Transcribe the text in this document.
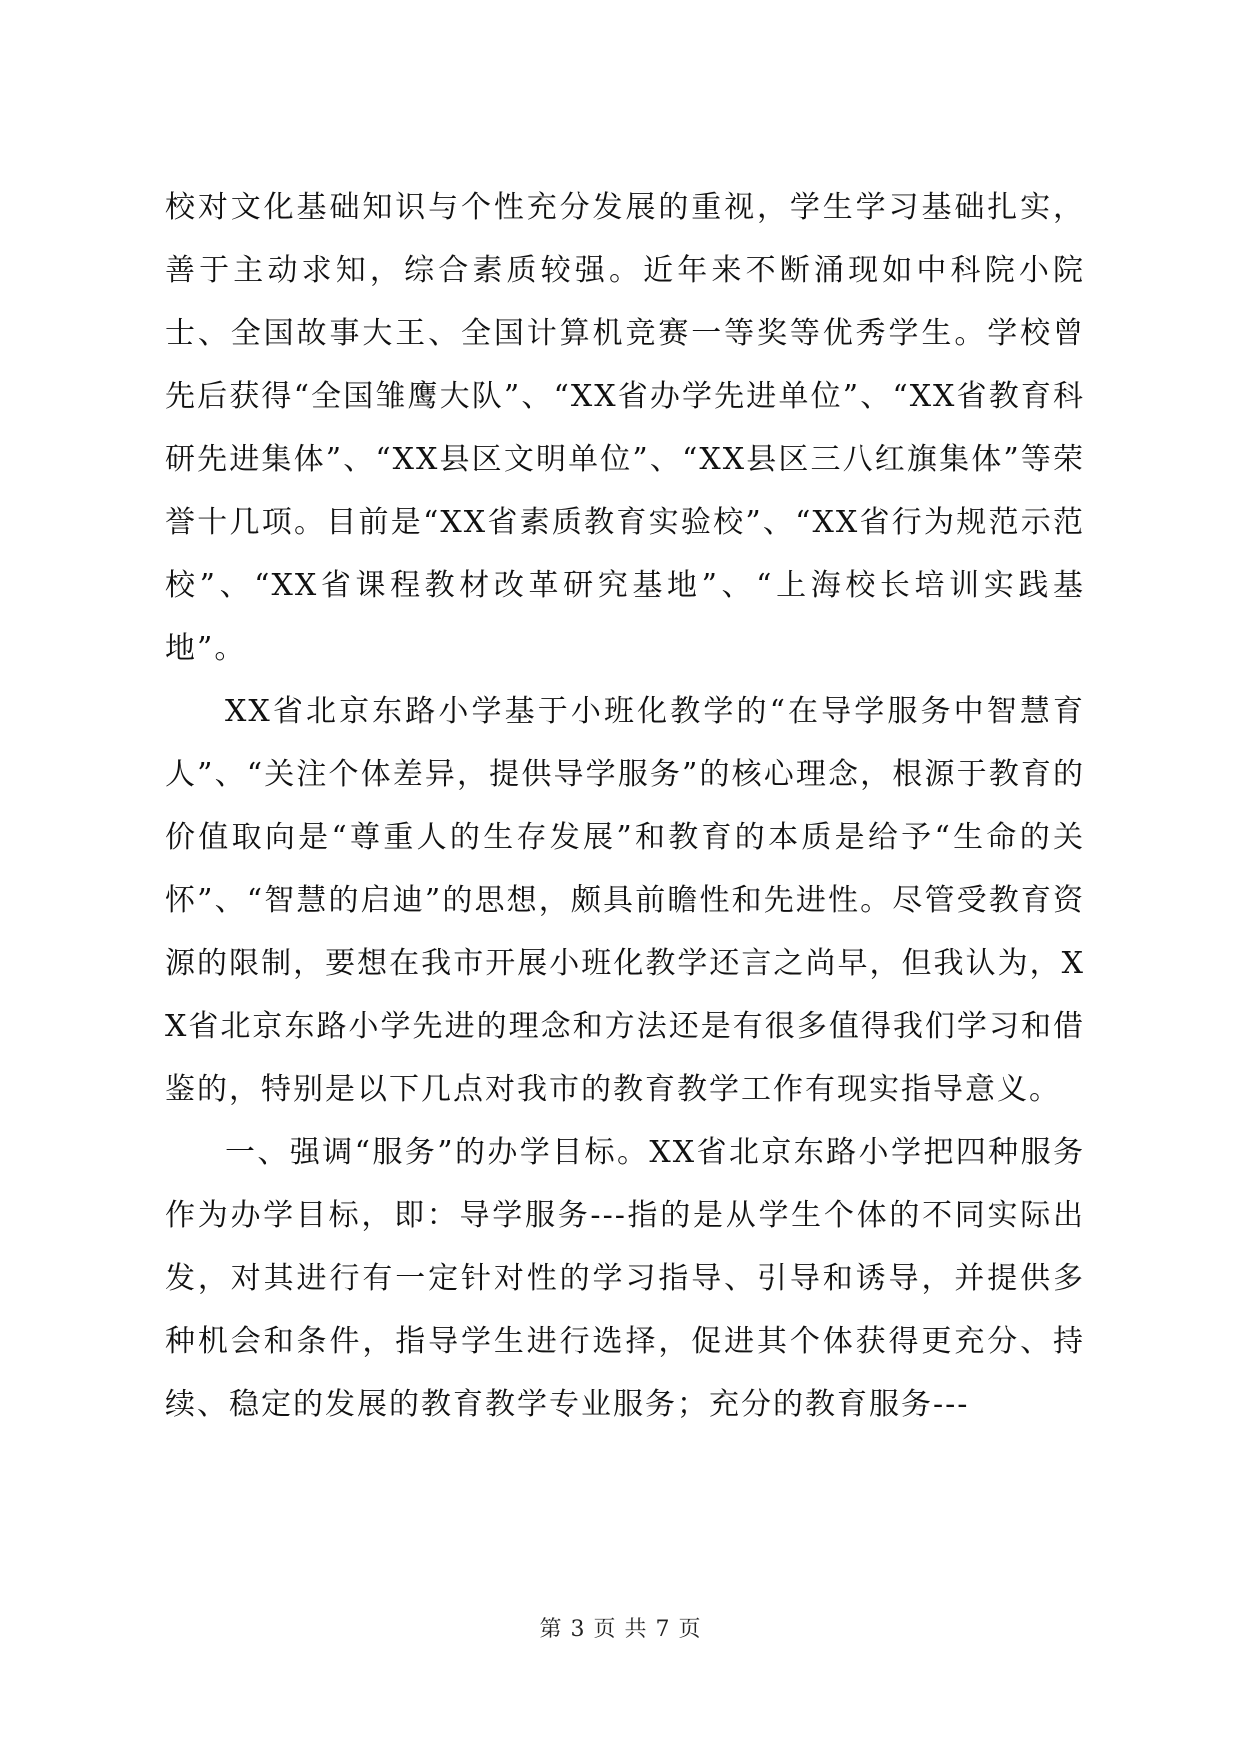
校对文化基础知识与个性充分发展的重视，学生学习基础扎实，善于主动求知，综合素质较强。近年来不断涌现如中科院小院士、全国故事大王、全国计算机竞赛一等奖等优秀学生。学校曾先后获得“全国雏鹰大队”、“XX省办学先进单位”、“XX省教育科研先进集体”、“XX县区文明单位”、“XX县区三八红旗集体”等荣誉十几项。目前是“XX省素质教育实验校”、“XX省行为规范示范校”、“XX省课程教材改革研究基地”、“上海校长培训实践基地”。

XX省北京东路小学基于小班化教学的“在导学服务中智慧育人”、“关注个体差异，提供导学服务”的核心理念，根源于教育的价值取向是“尊重人的生存发展”和教育的本质是给予“生命的关怀”、“智慧的启迪”的思想，颇具前瞻性和先进性。尽管受教育资源的限制，要想在我市开展小班化教学还言之尚早，但我认为，XX省北京东路小学先进的理念和方法还是有很多值得我们学习和借鉴的，特别是以下几点对我市的教育教学工作有现实指导意义。

一、强调“服务”的办学目标。XX省北京东路小学把四种服务作为办学目标，即：导学服务---指的是从学生个体的不同实际出发，对其进行有一定针对性的学习指导、引导和诱导，并提供多种机会和条件，指导学生进行选择，促进其个体获得更充分、持续、稳定的发展的教育教学专业服务；充分的教育服务---

第 3 页 共 7 页
